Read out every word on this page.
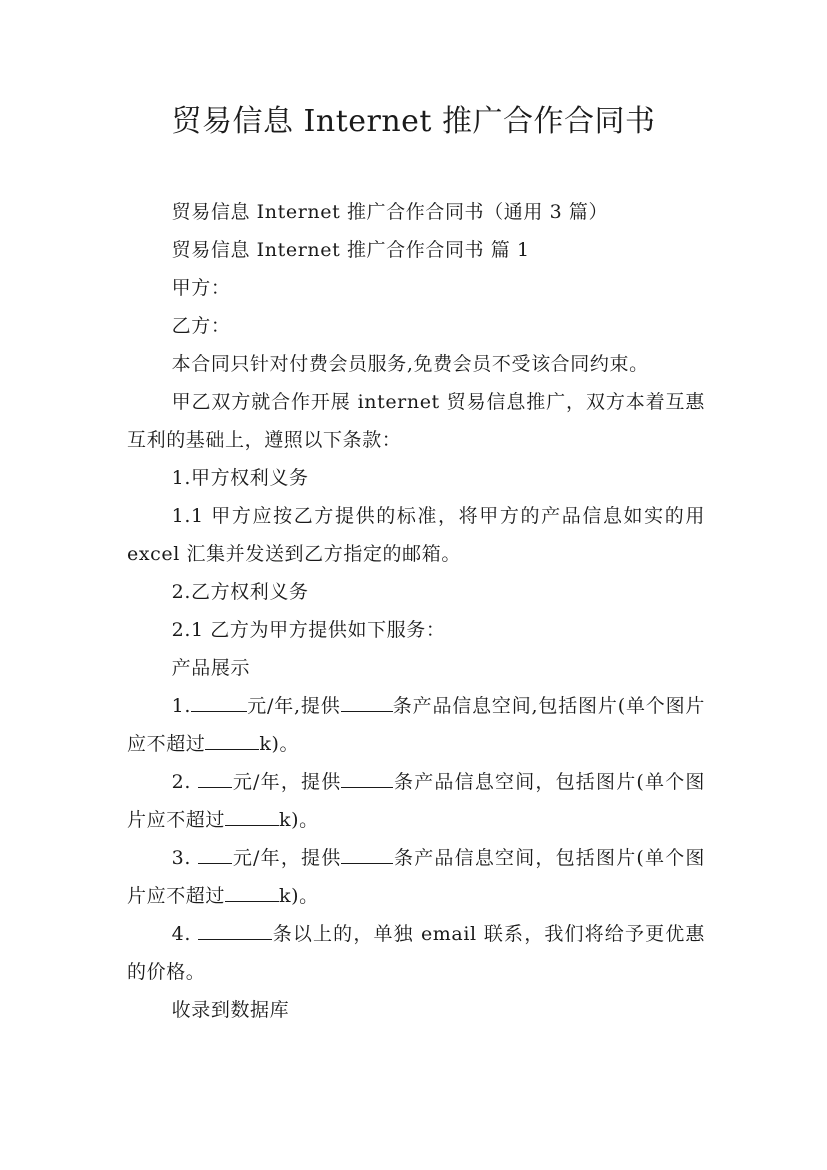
贸易信息 Internet 推广合作合同书

贸易信息 Internet 推广合作合同书（通用 3 篇）

贸易信息 Internet 推广合作合同书 篇 1

甲方：

乙方：

本合同只针对付费会员服务,免费会员不受该合同约束。

甲乙双方就合作开展 internet 贸易信息推广，双方本着互惠互利的基础上，遵照以下条款：

1.甲方权利义务

1.1 甲方应按乙方提供的标准，将甲方的产品信息如实的用 excel 汇集并发送到乙方指定的邮箱。

2.乙方权利义务

2.1 乙方为甲方提供如下服务：

产品展示

1.	元/年,提供	条产品信息空间,包括图片(单个图片应不超过	k)。

2. 元/年，提供	条产品信息空间，包括图片(单个图片应不超过	k)。

3. 元/年，提供	条产品信息空间，包括图片(单个图片应不超过	k)。

4.	条以上的，单独 email 联系，我们将给予更优惠的价格。

收录到数据库
